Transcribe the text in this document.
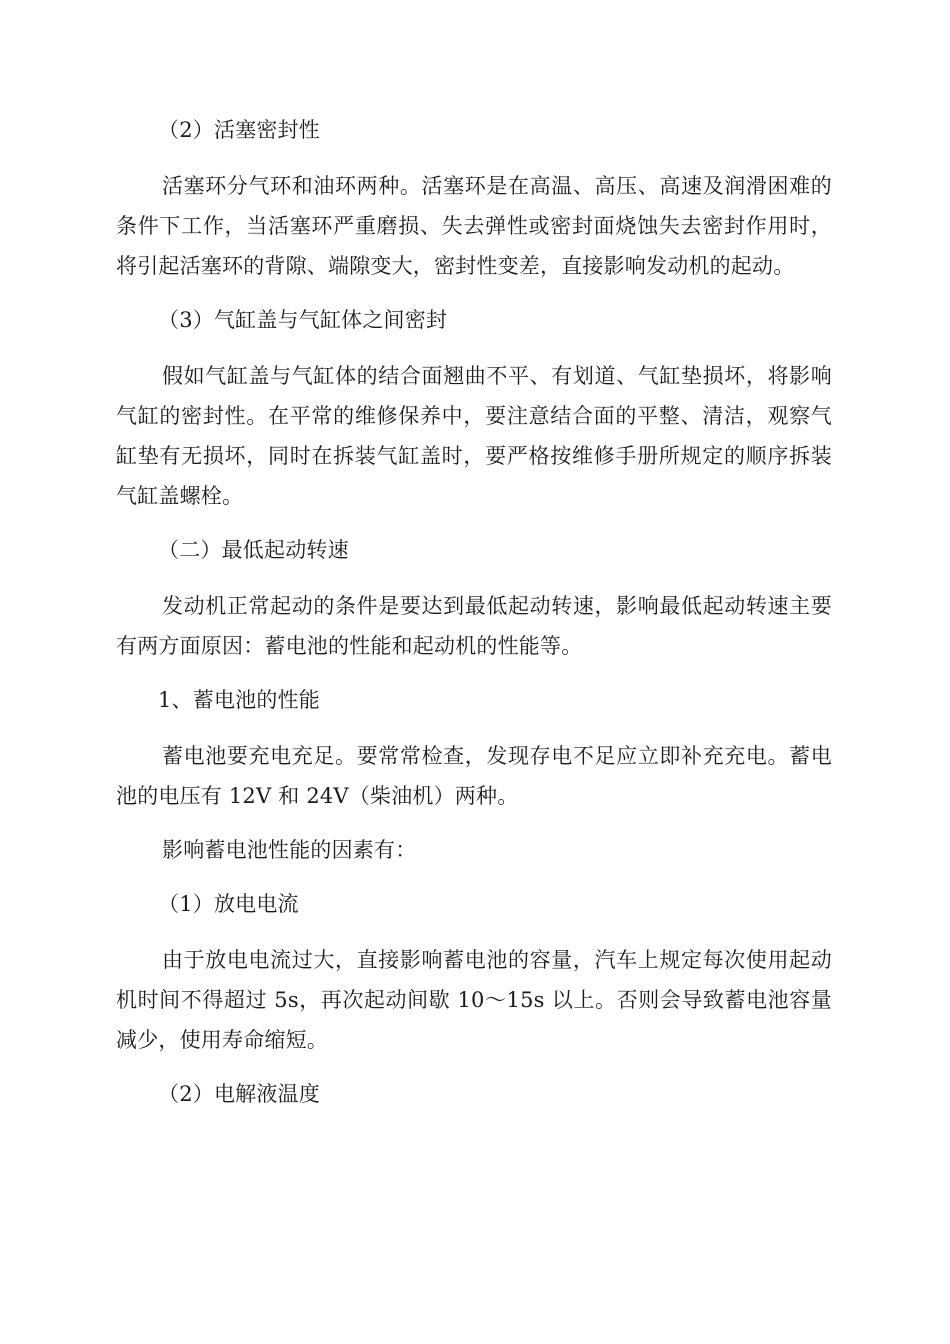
（2）活塞密封性

活塞环分气环和油环两种。活塞环是在高温、高压、高速及润滑困难的条件下工作，当活塞环严重磨损、失去弹性或密封面烧蚀失去密封作用时，将引起活塞环的背隙、端隙变大，密封性变差，直接影响发动机的起动。

（3）气缸盖与气缸体之间密封

假如气缸盖与气缸体的结合面翘曲不平、有划道、气缸垫损坏，将影响气缸的密封性。在平常的维修保养中，要注意结合面的平整、清洁，观察气缸垫有无损坏，同时在拆装气缸盖时，要严格按维修手册所规定的顺序拆装气缸盖螺栓。

（二）最低起动转速

发动机正常起动的条件是要达到最低起动转速，影响最低起动转速主要有两方面原因：蓄电池的性能和起动机的性能等。

1、蓄电池的性能

蓄电池要充电充足。要常常检查，发现存电不足应立即补充充电。蓄电池的电压有 12V 和 24V（柴油机）两种。

影响蓄电池性能的因素有：

（1）放电电流

由于放电电流过大，直接影响蓄电池的容量，汽车上规定每次使用起动机时间不得超过 5s，再次起动间歇 10～15s 以上。否则会导致蓄电池容量减少，使用寿命缩短。

（2）电解液温度
